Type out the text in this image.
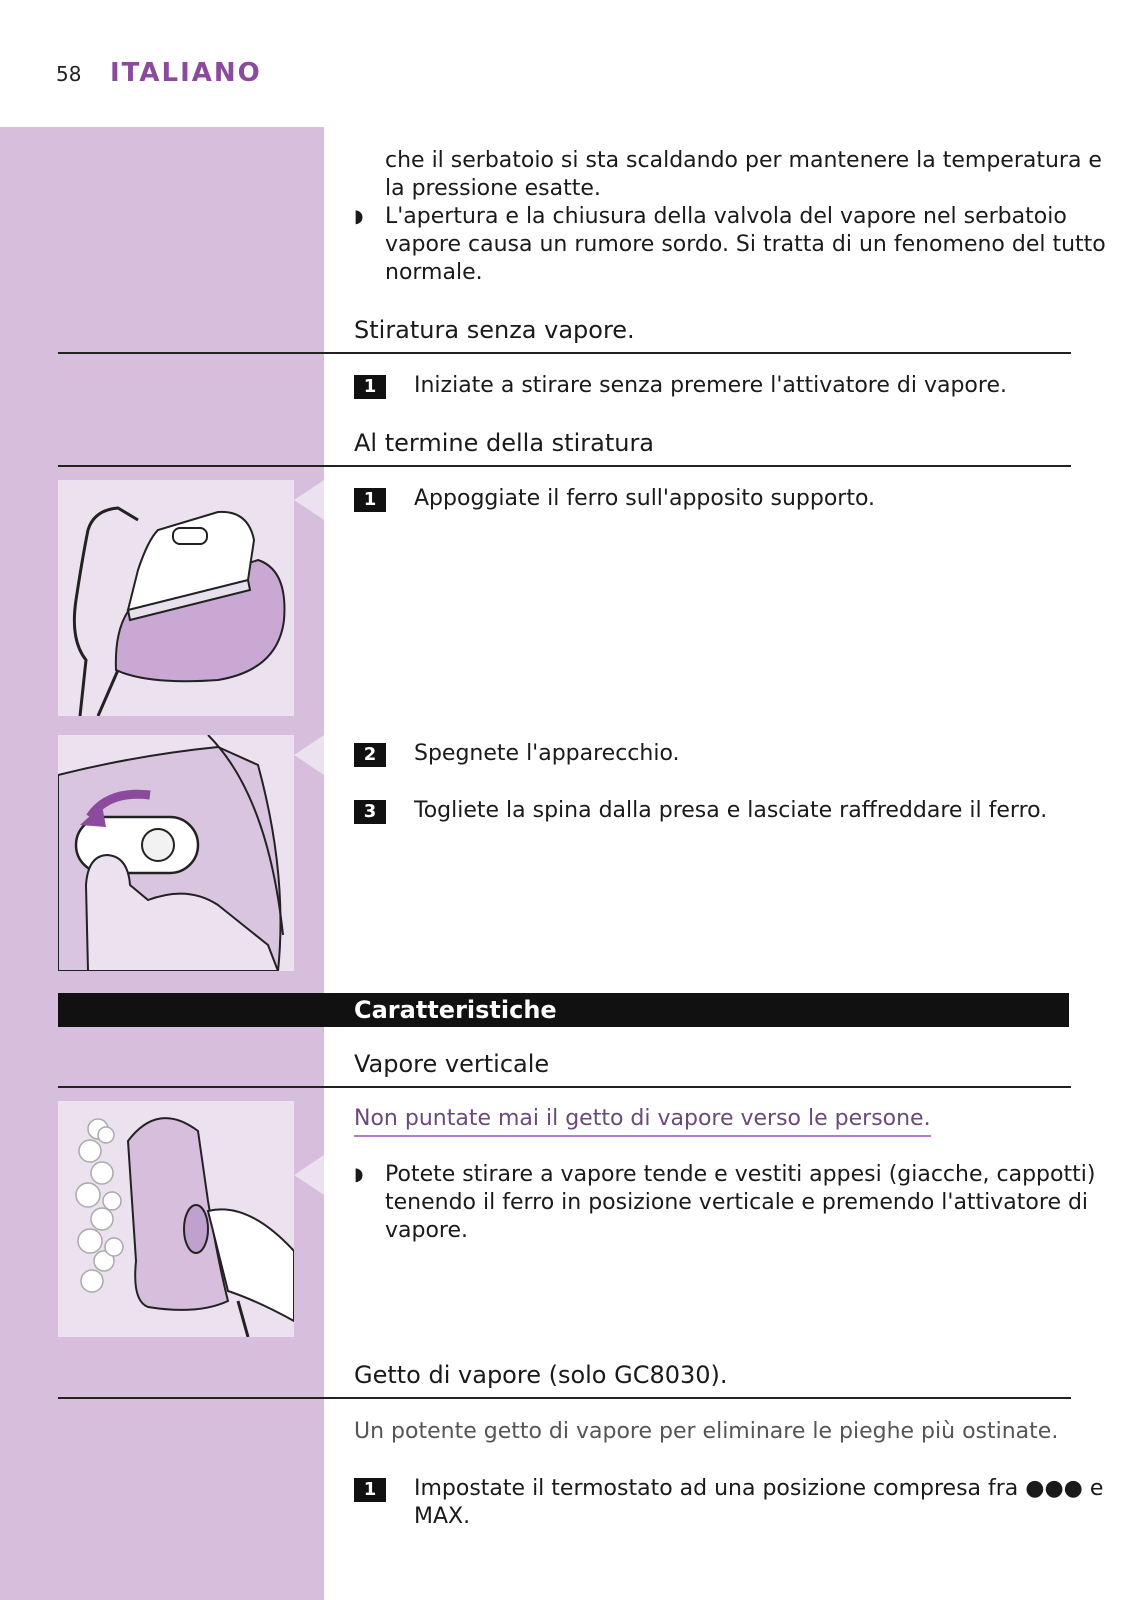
58 ITALIANO
che il serbatoio si sta scaldando per mantenere la temperatura e
la pressione esatte.
◗ L'apertura e la chiusura della valvola del vapore nel serbatoio
vapore causa un rumore sordo. Si tratta di un fenomeno del tutto
normale.
Stiratura senza vapore.
1	Iniziate a stirare senza premere l'attivatore di vapore.
Al termine della stiratura
1	Appoggiate il ferro sull'apposito supporto.
2	Spegnete l'apparecchio.
3	Togliete la spina dalla presa e lasciate raffreddare il ferro.
Caratteristiche
Vapore verticale
Non puntate mai il getto di vapore verso le persone.
◗ Potete stirare a vapore tende e vestiti appesi (giacche, cappotti)
tenendo il ferro in posizione verticale e premendo l'attivatore di
vapore.
Getto di vapore (solo GC8030).
Un potente getto di vapore per eliminare le pieghe più ostinate.
1	Impostate il termostato ad una posizione compresa fra ●●● e
MAX.
